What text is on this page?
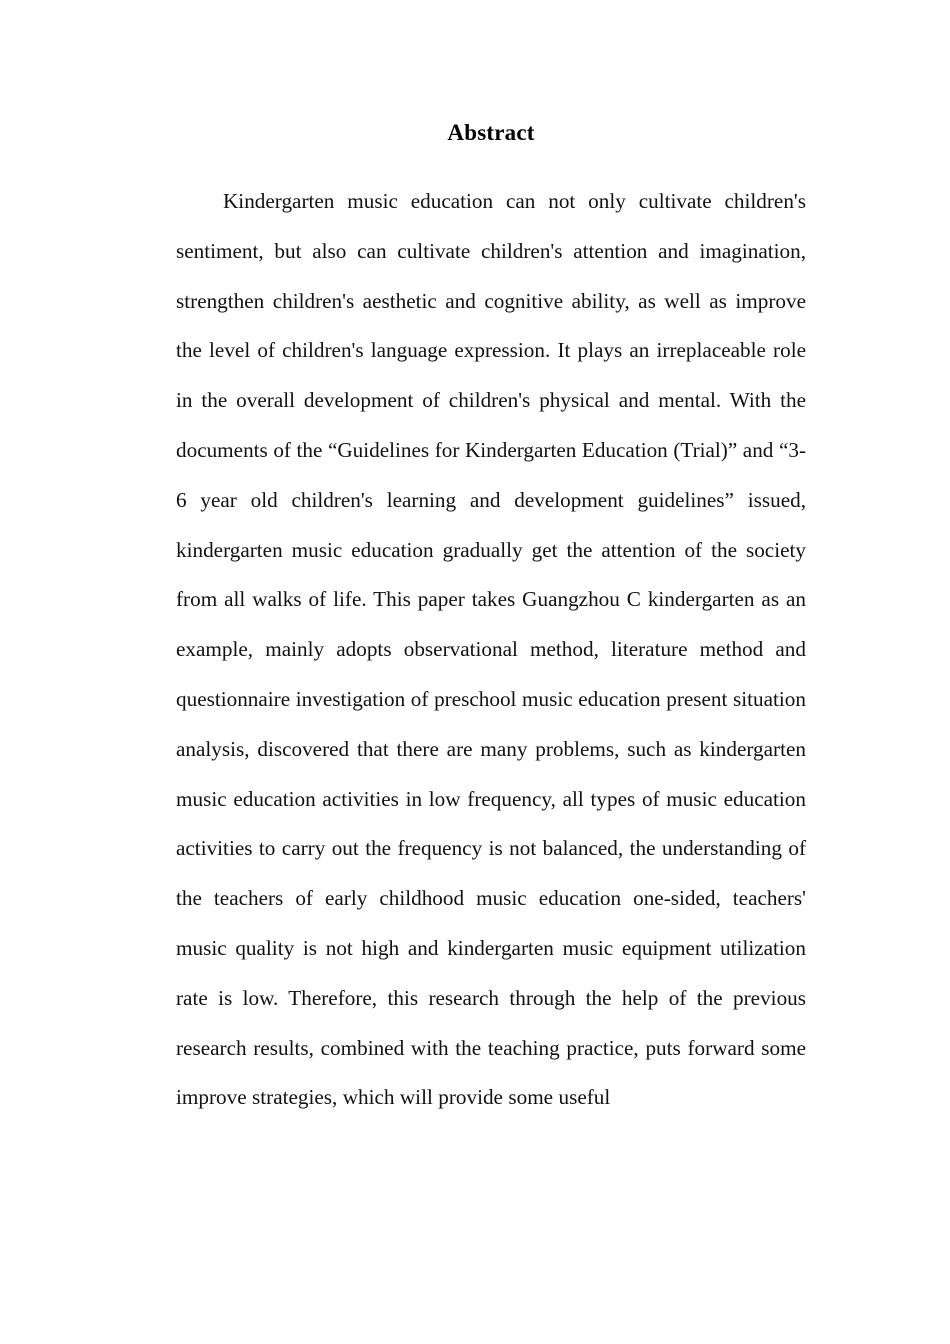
Abstract

Kindergarten music education can not only cultivate children's sentiment, but also can cultivate children's attention and imagination, strengthen children's aesthetic and cognitive ability, as well as improve the level of children's language expression. It plays an irreplaceable role in the overall development of children's physical and mental. With the documents of the “Guidelines for Kindergarten Education (Trial)” and “3-6 year old children's learning and development guidelines” issued, kindergarten music education gradually get the attention of the society from all walks of life. This paper takes Guangzhou C kindergarten as an example, mainly adopts observational method, literature method and questionnaire investigation of preschool music education present situation analysis, discovered that there are many problems, such as kindergarten music education activities in low frequency, all types of music education activities to carry out the frequency is not balanced, the understanding of the teachers of early childhood music education one-sided, teachers' music quality is not high and kindergarten music equipment utilization rate is low. Therefore, this research through the help of the previous research results, combined with the teaching practice, puts forward some improve strategies, which will provide some useful
